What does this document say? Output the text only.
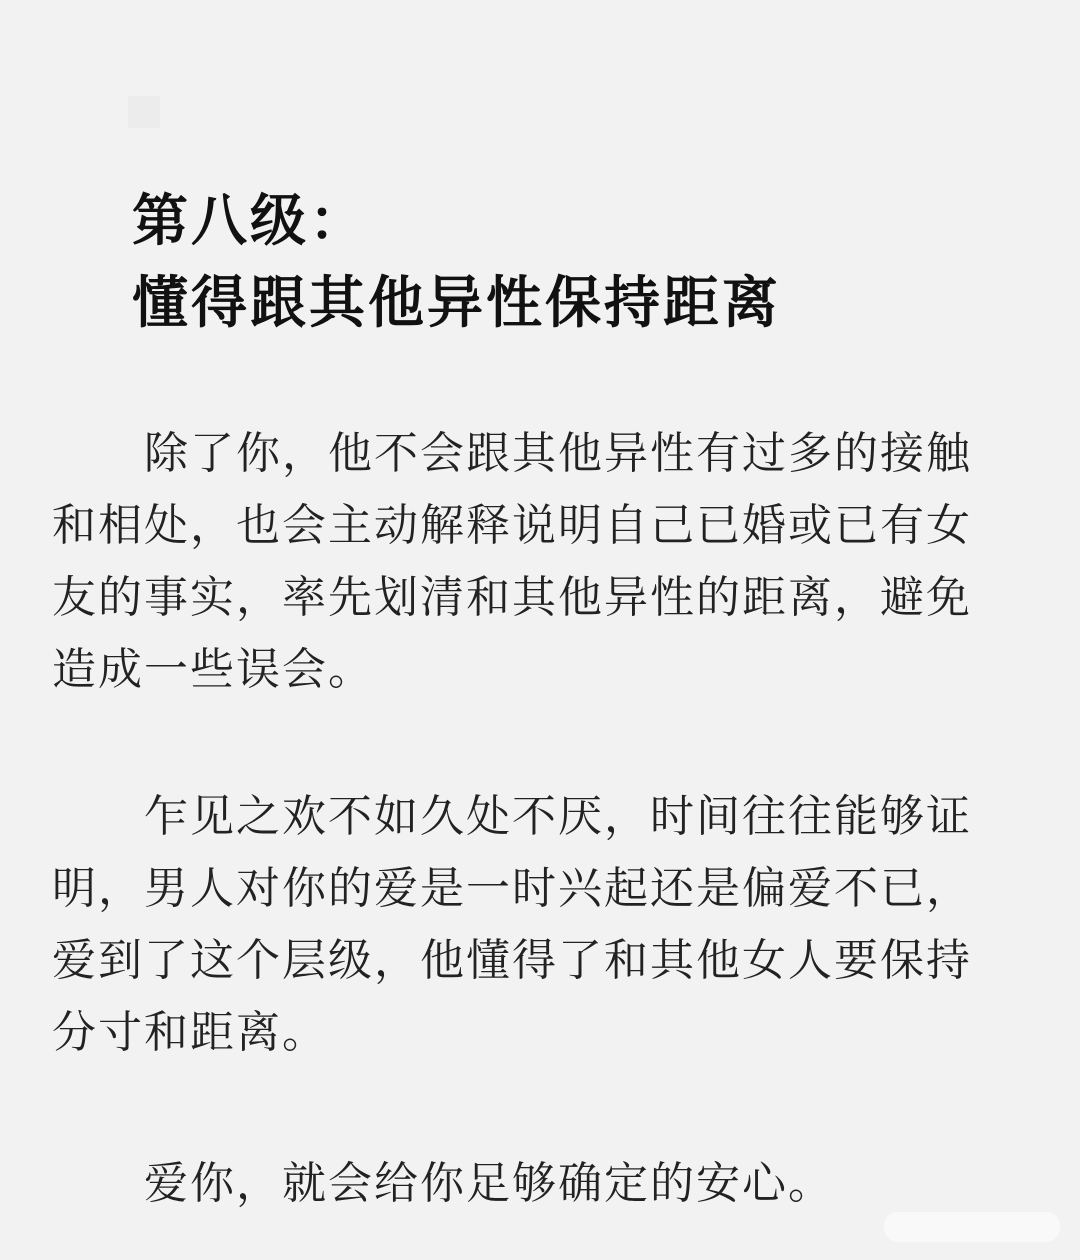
第八级：
懂得跟其他异性保持距离
除了你，他不会跟其他异性有过多的接触
和相处，也会主动解释说明自己已婚或已有女
友的事实，率先划清和其他异性的距离，避免
造成一些误会。
乍见之欢不如久处不厌，时间往往能够证
明，男人对你的爱是一时兴起还是偏爱不已，
爱到了这个层级，他懂得了和其他女人要保持
分寸和距离。
爱你，就会给你足够确定的安心。
